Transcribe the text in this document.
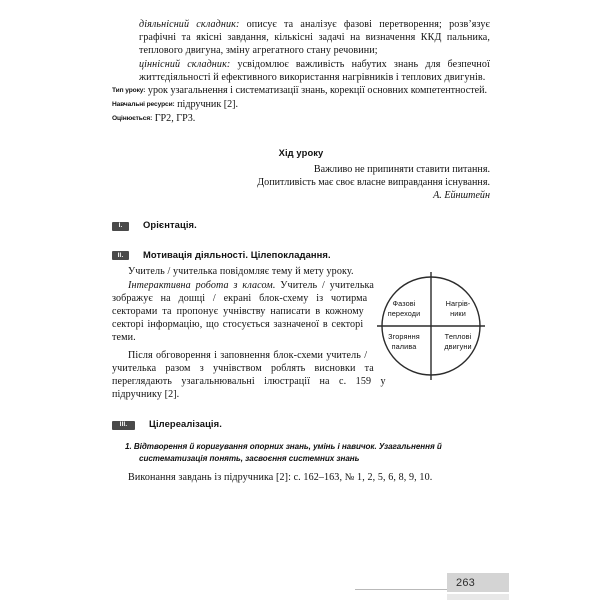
діяльнісний складник: описує та аналізує фазові перетворення; розв’язує графічні та якісні завдання, кількісні задачі на визначення ККД пальника, теплового двигуна, зміну агрегатного стану речовини;
ціннісний складник: усвідомлює важливість набутих знань для безпечної життєдіяльності й ефективного використання нагрівників і теплових двигунів.
Тип уроку: урок узагальнення і систематизації знань, корекції основних компетентностей.
Навчальні ресурси: підручник [2].
Оцінюється: ГР2, ГР3.
Хід уроку
Важливо не припиняти ставити питання.
Допитливість має своє власне виправдання існування.
А. Ейнштейн
I.	Орієнтація.
II.	Мотивація діяльності. Цілепокладання.
Фазові
переходи
Нагрів-
ники
Згоряння
палива
Теплові
двигуни
Учитель / учителька повідомляє тему й мету уроку.
Інтерактивна робота з класом. Учитель / учителька зображує на дошці / екрані блок-схему із чотирма секторами та пропонує учнівству написати в кожному секторі інформацію, що стосується зазначеної в секторі теми.
Після обговорення і заповнення блок-схеми учитель / учителька разом з учнівством роблять висновки та переглядають узагальнювальні ілюстрації на с. 159 у підручнику [2].
III.	Цілереалізація.
1. Відтворення й коригування опорних знань, умінь і навичок. Узагальнення й систематизація понять, засвоєння системних знань
Виконання завдань із підручника [2]: с. 162–163, № 1, 2, 5, 6, 8, 9, 10.
263
